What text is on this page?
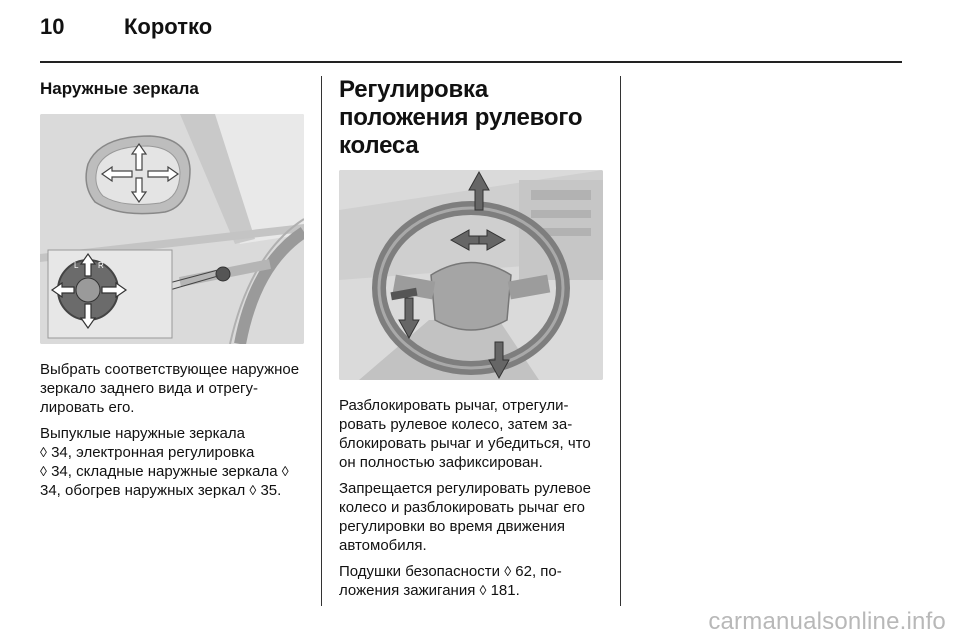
10	Коротко
Наружные зеркала
L R

Выбрать соответствующее наружное зеркало заднего вида и отрегулировать его.

Выпуклые наружные зеркала
◊ 34, электронная регулировка
◊ 34, складные наружные зеркала ◊ 34, обогрев наружных зеркал ◊ 35.

Регулировка положения рулевого колеса

Разблокировать рычаг, отрегулировать рулевое колесо, затем заблокировать рычаг и убедиться, что он полностью зафиксирован.

Запрещается регулировать рулевое колесо и разблокировать рычаг его регулировки во время движения автомобиля.

Подушки безопасности ◊ 62, положения зажигания ◊ 181.

carmanualsonline.info
